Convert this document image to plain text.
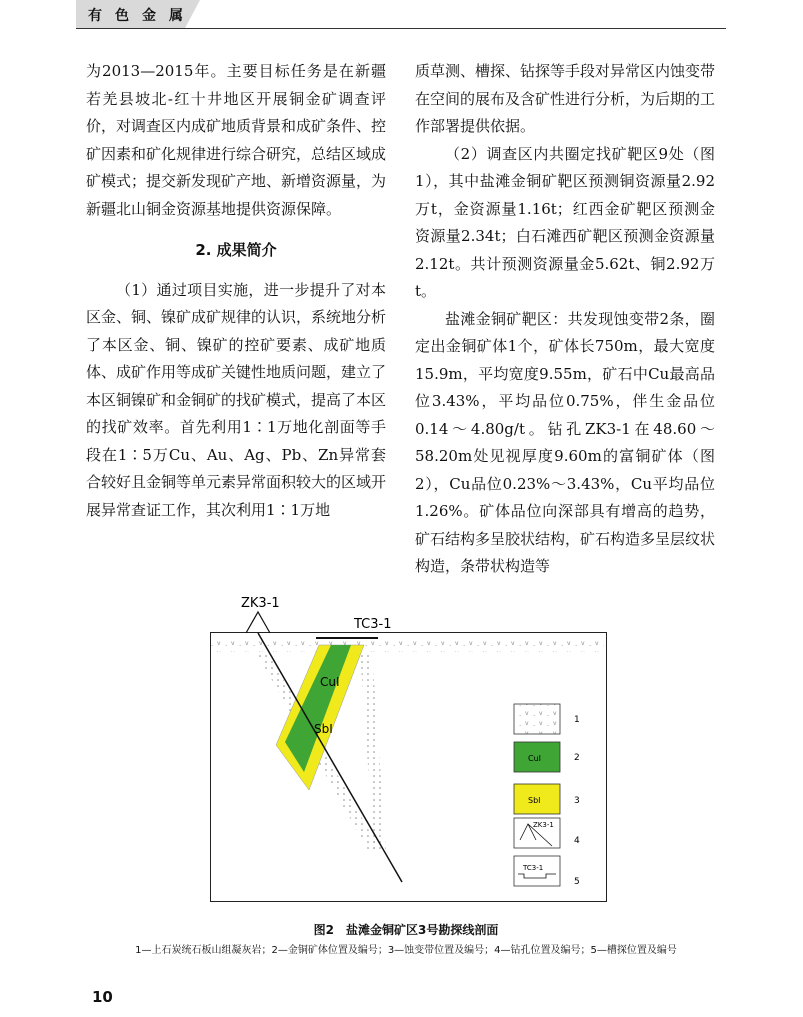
有色金属

为2013—2015年。主要目标任务是在新疆若羌县坡北-红十井地区开展铜金矿调查评价，对调查区内成矿地质背景和成矿条件、控矿因素和矿化规律进行综合研究，总结区域成矿模式；提交新发现矿产地、新增资源量，为新疆北山铜金资源基地提供资源保障。

2. 成果简介

（1）通过项目实施，进一步提升了对本区金、铜、镍矿成矿规律的认识，系统地分析了本区金、铜、镍矿的控矿要素、成矿地质体、成矿作用等成矿关键性地质问题，建立了本区铜镍矿和金铜矿的找矿模式，提高了本区的找矿效率。首先利用1∶1万地化剖面等手段在1∶5万Cu、Au、Ag、Pb、Zn异常套合较好且金铜等单元素异常面积较大的区域开展异常查证工作，其次利用1∶1万地

质草测、槽探、钻探等手段对异常区内蚀变带在空间的展布及含矿性进行分析，为后期的工作部署提供依据。

（2）调查区内共圈定找矿靶区9处（图1），其中盐滩金铜矿靶区预测铜资源量2.92万t，金资源量1.16t；红西金矿靶区预测金资源量2.34t；白石滩西矿靶区预测金资源量2.12t。共计预测资源量金5.62t、铜2.92万t。

盐滩金铜矿靶区：共发现蚀变带2条，圈定出金铜矿体1个，矿体长750m，最大宽度15.9m，平均宽度9.55m，矿石中Cu最高品位3.43%，平均品位0.75%，伴生金品位0.14～4.80g/t。钻孔ZK3-1在48.60～58.20m处见视厚度9.60m的富铜矿体（图2），Cu品位0.23%～3.43%，Cu平均品位1.26%。矿体品位向深部具有增高的趋势，矿石结构多呈胶状结构，矿石构造多呈层纹状构造，条带状构造等

ZK3-1
TC3-1
CuI
SbI
1
CuI	2
SbI	3
ZK3-1
4
TC3-1
5
图2　盐滩金铜矿区3号勘探线剖面
1—上石炭统石板山组凝灰岩；2—金铜矿体位置及编号；3—蚀变带位置及编号；4—钻孔位置及编号；5—槽探位置及编号
10
